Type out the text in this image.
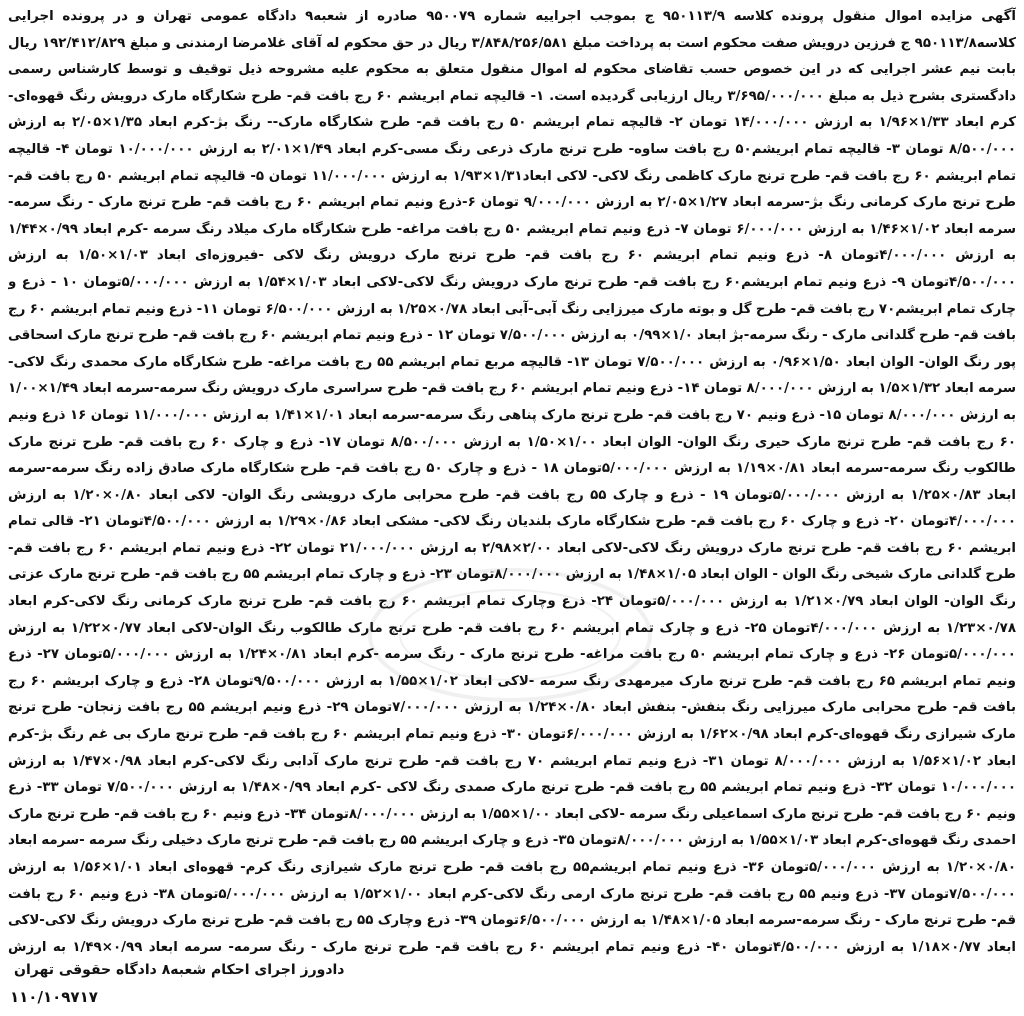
آگهی مزایده اموال منقول پرونده کلاسه ۹۵۰۱۱۳/۹ ج بموجب اجراییه شماره ۹۵۰۰۷۹ صادره از شعبه۹ دادگاه عمومی تهران و در پرونده اجرایی کلاسه۹۵۰۱۱۳/۸ ج فرزین درویش صفت محکوم است به پرداخت مبلغ ۳/۸۴۸/۲۵۶/۵۸۱ ریال در حق محکوم له آقای غلامرضا ارمندنی و مبلغ ۱۹۲/۴۱۲/۸۲۹ ریال بابت نیم عشر اجرایی که در این خصوص حسب تقاضای محکوم له اموال منقول متعلق به محکوم علیه مشروحه ذیل توقیف و توسط کارشناس رسمی دادگستری بشرح ذیل به مبلغ ۳/۶۹۵/۰۰۰/۰۰۰ ریال ارزیابی گردیده است. ۱- قالیچه تمام ابریشم ۶۰ رج بافت قم- طرح شکارگاه مارک درویش رنگ قهوه‌ای-کرم ابعاد ۱/۳۳×۱/۹۶ به ارزش ۱۴/۰۰۰/۰۰۰ تومان ۲- قالیچه تمام ابریشم ۵۰ رج بافت قم- طرح شکارگاه مارک-- رنگ بژ-کرم ابعاد ۱/۳۵×۲/۰۵ به ارزش ۸/۵۰۰/۰۰۰ تومان ۳- قالیچه تمام ابریشم۵۰ رج بافت ساوه- طرح ترنج مارک ذرعی رنگ مسی-کرم ابعاد ۱/۴۹×۲/۰۱ به ارزش ۱۰/۰۰۰/۰۰۰ تومان ۴- قالیچه تمام ابریشم ۶۰ رج بافت قم- طرح ترنج مارک کاظمی رنگ لاکی- لاکی ابعاد۱/۳۱×۱/۹۳ به ارزش ۱۱/۰۰۰/۰۰۰ تومان ۵- قالیچه تمام ابریشم ۵۰ رج بافت قم- طرح ترنج مارک کرمانی رنگ بژ-سرمه ابعاد ۱/۲۷×۲/۰۵ به ارزش ۹/۰۰۰/۰۰۰ تومان ۶-ذرع ونیم تمام ابریشم ۶۰ رج بافت قم- طرح ترنج مارک - رنگ سرمه-سرمه ابعاد ۱/۰۲×۱/۴۶ به ارزش ۶/۰۰۰/۰۰۰ تومان ۷- ذرع ونیم تمام ابریشم ۵۰ رج بافت مراغه- طرح شکارگاه مارک میلاد رنگ سرمه -کرم ابعاد ۰/۹۹×۱/۴۴ به ارزش ۴/۰۰۰/۰۰۰تومان ۸- ذرع ونیم تمام ابریشم ۶۰ رج بافت قم- طرح ترنج مارک درویش رنگ لاکی -فیروزه‌ای ابعاد ۱/۰۳×۱/۵۰ به ارزش ۴/۵۰۰/۰۰۰تومان ۹- ذرع ونیم تمام ابریشم۶۰ رج بافت قم- طرح ترنج مارک درویش رنگ لاکی-لاکی ابعاد ۱/۰۳×۱/۵۴ به ارزش ۵/۰۰۰/۰۰۰تومان ۱۰ - ذرع و چارک تمام ابریشم۷۰ رج بافت قم- طرح گل و بوته مارک میرزایی رنگ آبی-آبی ابعاد ۰/۷۸×۱/۲۵ به ارزش ۶/۵۰۰/۰۰۰ تومان ۱۱- ذرع ونیم تمام ابریشم ۶۰ رج بافت قم- طرح گلدانی مارک - رنگ سرمه-بژ ابعاد ۱/۰×۰/۹۹ به ارزش ۷/۵۰۰/۰۰۰ تومان ۱۲ - ذرع ونیم تمام ابریشم ۶۰ رج بافت قم- طرح ترنج مارک اسحاقی پور رنگ الوان- الوان ابعاد ۱/۵۰×۰/۹۶ به ارزش ۷/۵۰۰/۰۰۰ تومان ۱۳- قالیچه مربع تمام ابریشم ۵۵ رج بافت مراغه- طرح شکارگاه مارک محمدی رنگ لاکی- سرمه ابعاد ۱/۳۲×۱/۵ به ارزش ۸/۰۰۰/۰۰۰ تومان ۱۴- ذرع ونیم تمام ابریشم ۶۰ رج بافت قم- طرح سراسری مارک درویش رنگ سرمه-سرمه ابعاد ۱/۴۹×۱/۰۰ به ارزش ۸/۰۰۰/۰۰۰ تومان ۱۵- ذرع ونیم ۷۰ رج بافت قم- طرح ترنج مارک پناهی رنگ سرمه-سرمه ابعاد ۱/۰۱×۱/۴۱ به ارزش ۱۱/۰۰۰/۰۰۰ تومان ۱۶ ذرع ونیم ۶۰ رج بافت قم- طرح ترنج مارک حیری رنگ الوان- الوان ابعاد ۱/۰۰×۱/۵۰ به ارزش ۸/۵۰۰/۰۰۰ تومان ۱۷- ذرع و چارک ۶۰ رج بافت قم- طرح ترنج مارک طالکوب رنگ سرمه-سرمه ابعاد ۰/۸۱×۱/۱۹ به ارزش ۵/۰۰۰/۰۰۰تومان ۱۸ - ذرع و چارک ۵۰ رج بافت قم- طرح شکارگاه مارک صادق زاده رنگ سرمه-سرمه ابعاد ۰/۸۳×۱/۲۵ به ارزش ۵/۰۰۰/۰۰۰تومان ۱۹ - ذرع و چارک ۵۵ رج بافت قم- طرح محرابی مارک درویشی رنگ الوان- لاکی ابعاد ۰/۸۰×۱/۲۰ به ارزش ۴/۰۰۰/۰۰۰تومان ۲۰- ذرع و چارک ۶۰ رج بافت قم- طرح شکارگاه مارک بلندیان رنگ لاکی- مشکی ابعاد ۰/۸۶×۱/۲۹ به ارزش ۴/۵۰۰/۰۰۰تومان ۲۱- قالی تمام ابریشم ۶۰ رج بافت قم- طرح ترنج مارک درویش رنگ لاکی-لاکی ابعاد ۲/۰۰×۲/۹۸ به ارزش ۲۱/۰۰۰/۰۰۰ تومان ۲۲- ذرع ونیم تمام ابریشم ۶۰ رج بافت قم- طرح گلدانی مارک شیخی رنگ الوان - الوان ابعاد ۱/۰۵×۱/۴۸ به ارزش ۸/۰۰۰/۰۰۰تومان ۲۳- ذرع و چارک تمام ابریشم ۵۵ رج بافت قم- طرح ترنج مارک عزتی رنگ الوان- الوان ابعاد ۰/۷۹×۱/۲۱ به ارزش ۵/۰۰۰/۰۰۰تومان ۲۴- ذرع وچارک تمام ابریشم ۶۰ رج بافت قم- طرح ترنج مارک کرمانی رنگ لاکی-کرم ابعاد ۰/۷۸×۱/۲۳ به ارزش ۴/۰۰۰/۰۰۰تومان ۲۵- ذرع و چارک تمام ابریشم ۶۰ رج بافت قم- طرح ترنج مارک طالکوب رنگ الوان-لاکی ابعاد ۰/۷۷×۱/۲۲ به ارزش ۵/۰۰۰/۰۰۰تومان ۲۶- ذرع و چارک تمام ابریشم ۵۰ رج بافت مراغه- طرح ترنج مارک - رنگ سرمه -کرم ابعاد ۰/۸۱×۱/۲۴ به ارزش ۵/۰۰۰/۰۰۰تومان ۲۷- ذرع ونیم تمام ابریشم ۶۵ رج بافت قم- طرح ترنج مارک میرمهدی رنگ سرمه -لاکی ابعاد ۱/۰۲×۱/۵۵ به ارزش ۹/۵۰۰/۰۰۰تومان ۲۸- ذرع و چارک ابریشم ۶۰ رج بافت قم- طرح محرابی مارک میرزایی رنگ بنفش- بنفش ابعاد ۰/۸۰×۱/۲۴ به ارزش ۷/۰۰۰/۰۰۰تومان ۲۹- ذرع ونیم ابریشم ۵۵ رج بافت زنجان- طرح ترنج مارک شیرازی رنگ قهوه‌ای-کرم ابعاد ۰/۹۸×۱/۶۲ به ارزش ۶/۰۰۰/۰۰۰تومان ۳۰- ذرع ونیم تمام ابریشم ۶۰ رج بافت قم- طرح ترنج مارک بی غم رنگ بژ-کرم ابعاد ۱/۰۲×۱/۵۶ به ارزش ۸/۰۰۰/۰۰۰ تومان ۳۱- ذرع ونیم تمام ابریشم ۷۰ رج بافت قم- طرح ترنج مارک آدابی رنگ لاکی-کرم ابعاد ۰/۹۸×۱/۴۷ به ارزش ۱۰/۰۰۰/۰۰۰ تومان ۳۲- ذرع ونیم تمام ابریشم ۵۵ رج بافت قم- طرح ترنج مارک صمدی رنگ لاکی -کرم ابعاد ۰/۹۹×۱/۴۸ به ارزش ۷/۵۰۰/۰۰۰ تومان ۳۳- ذرع ونیم ۶۰ رج بافت قم- طرح ترنج مارک اسماعیلی رنگ سرمه -لاکی ابعاد ۱/۰۰×۱/۵۵ به ارزش ۸/۰۰۰/۰۰۰تومان ۳۴- ذرع ونیم ۶۰ رج بافت قم- طرح ترنج مارک احمدی رنگ قهوه‌ای-کرم ابعاد ۱/۰۳×۱/۵۵ به ارزش ۸/۰۰۰/۰۰۰تومان ۳۵- ذرع و چارک ابریشم ۵۵ رج بافت قم- طرح ترنج مارک دخیلی رنگ سرمه -سرمه ابعاد ۰/۸۰×۱/۲۰ به ارزش ۵/۰۰۰/۰۰۰تومان ۳۶- ذرع ونیم تمام ابریشم۵۵ رج بافت قم- طرح ترنج مارک شیرازی رنگ کرم- قهوه‌ای ابعاد ۱/۰۱×۱/۵۶ به ارزش ۷/۵۰۰/۰۰۰تومان ۳۷- ذرع ونیم ۵۵ رج بافت قم- طرح ترنج مارک ارمی رنگ لاکی-کرم ابعاد ۱/۰۰×۱/۵۲ به ارزش ۵/۰۰۰/۰۰۰تومان ۳۸- ذرع ونیم ۶۰ رج بافت قم- طرح ترنج مارک - رنگ سرمه-سرمه ابعاد ۱/۰۵×۱/۴۸ به ارزش ۶/۵۰۰/۰۰۰تومان ۳۹- ذرع وچارک ۵۵ رج بافت قم- طرح ترنج مارک درویش رنگ لاکی-لاکی ابعاد ۰/۷۷×۱/۱۸ به ارزش ۴/۵۰۰/۰۰۰تومان ۴۰- ذرع ونیم تمام ابریشم ۶۰ رج بافت قم- طرح ترنج مارک - رنگ سرمه- سرمه ابعاد ۰/۹۹×۱/۴۹ به ارزش

دادورز اجرای احکام شعبه۸ دادگاه حقوقی تهران
۱۱۰/۱۰۹۷۱۷
